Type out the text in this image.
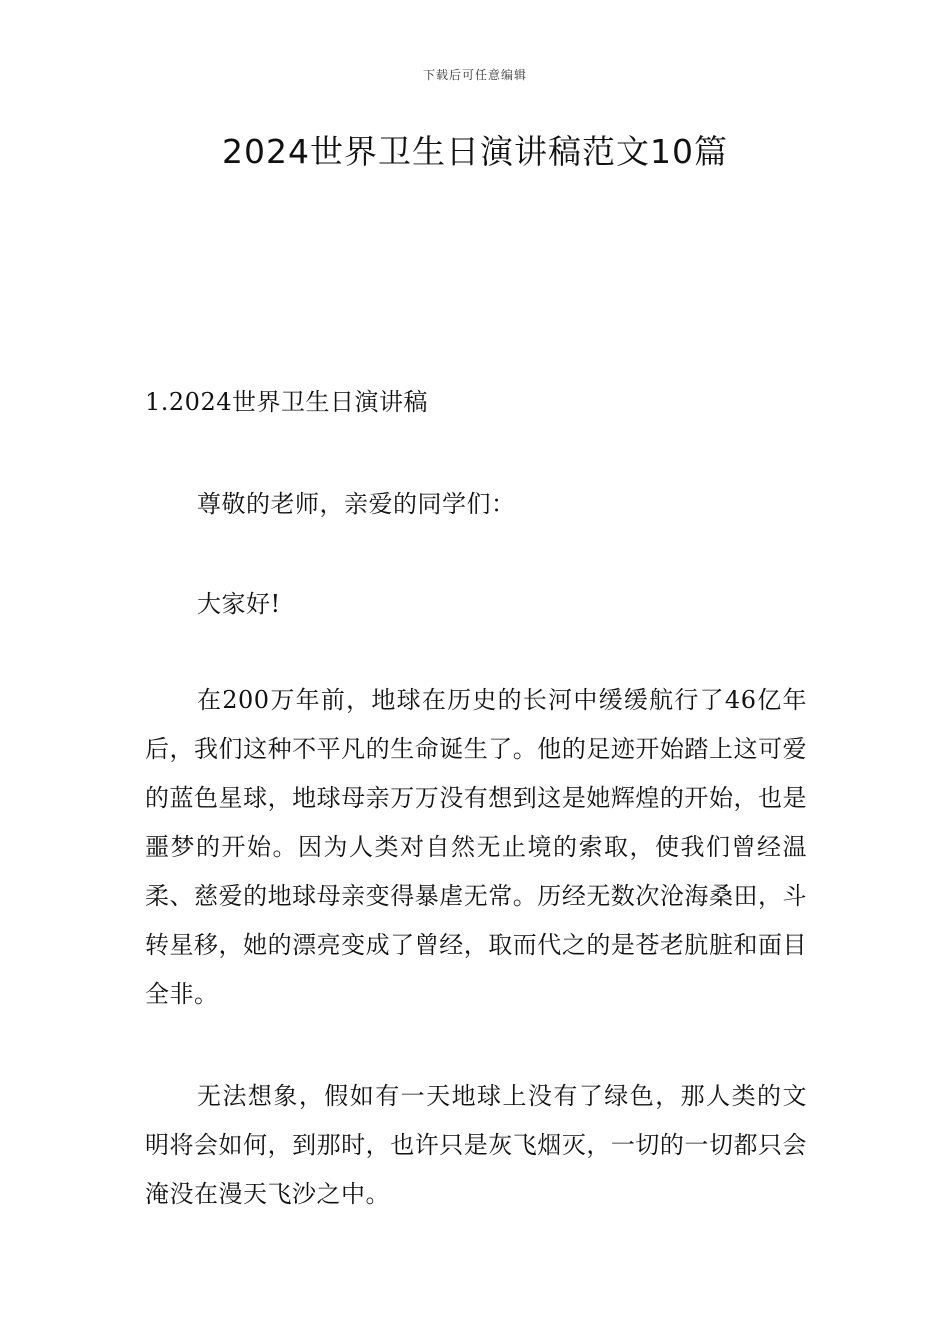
下载后可任意编辑
2024世界卫生日演讲稿范文10篇

1.2024世界卫生日演讲稿

尊敬的老师，亲爱的同学们：

大家好!

在200万年前，地球在历史的长河中缓缓航行了46亿年后，我们这种不平凡的生命诞生了。他的足迹开始踏上这可爱的蓝色星球，地球母亲万万没有想到这是她辉煌的开始，也是噩梦的开始。因为人类对自然无止境的索取，使我们曾经温柔、慈爱的地球母亲变得暴虐无常。历经无数次沧海桑田，斗转星移，她的漂亮变成了曾经，取而代之的是苍老肮脏和面目全非。

无法想象，假如有一天地球上没有了绿色，那人类的文明将会如何，到那时，也许只是灰飞烟灭，一切的一切都只会淹没在漫天飞沙之中。
